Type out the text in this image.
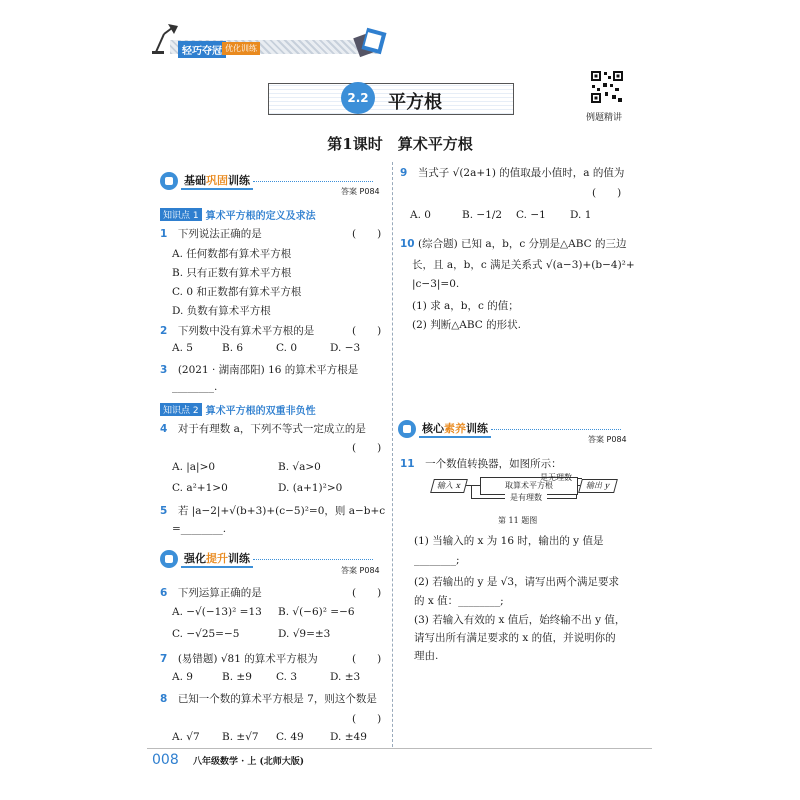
轻巧夺冠 优化训练
2.2	平方根
例题精讲
第1课时　算术平方根
基础巩固训练
答案 P084
知识点 1 算术平方根的定义及求法
1　 下列说法正确的是	(　　)
A. 任何数都有算术平方根
B. 只有正数有算术平方根
C. 0 和正数都有算术平方根
D. 负数有算术平方根
2　 下列数中没有算术平方根的是	(　　)
A. 5	B. 6	C. 0	D. −3
3　 (2021 · 湖南邵阳) 16 的算术平方根是
________.
知识点 2 算术平方根的双重非负性
4　 对于有理数 a，下列不等式一定成立的是
(　　)
A. |a|>0	B. √a>0
C. a²+1>0	D. (a+1)²>0
5　 若 |a−2|+√(b+3)+(c−5)²=0，则 a−b+c
=________.
强化提升训练
答案 P084
6　 下列运算正确的是	(　　)
A. −√(−13)² =13 B. √(−6)² =−6
C. −√25=−5	D. √9=±3
7　 (易错题) √81 的算术平方根为	(　　)
A. 9	B. ±9 C. 3	D. ±3
8　 已知一个数的算术平方根是 7，则这个数是
(　　)
A. √7 B. ±√7 C. 49	D. ±49
9　 当式子 √(2a+1) 的值取最小值时，a 的值为
(　　)
A. 0	B. −1/2 C. −1 D. 1
10 (综合题) 已知 a，b，c 分别是△ABC 的三边
长，且 a，b，c 满足关系式 √(a−3)+(b−4)²+
|c−3|=0.
(1) 求 a，b，c 的值；
(2) 判断△ABC 的形状.
核心素养训练
答案 P084
11　 一个数值转换器，如图所示：
输入 x	取算术平方根
是无理数
是有理数
输出 y
第 11 题图
(1) 当输入的 x 为 16 时，输出的 y 值是
________;
(2) 若输出的 y 是 √3，请写出两个满足要求
的 x 值：________;
(3) 若输入有效的 x 值后，始终输不出 y 值，
请写出所有满足要求的 x 的值，并说明你的
理由.
008 八年级数学 · 上 (北师大版)
